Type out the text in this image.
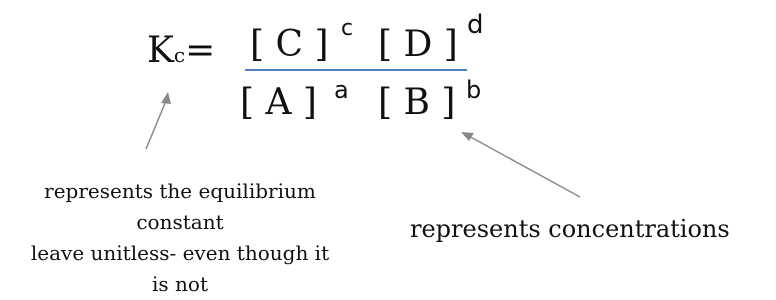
Kc= [ C ] c [ D ] d
[ A ] a [ B ] b
represents the equilibrium
constant
leave unitless- even though it
is not
represents concentrations
